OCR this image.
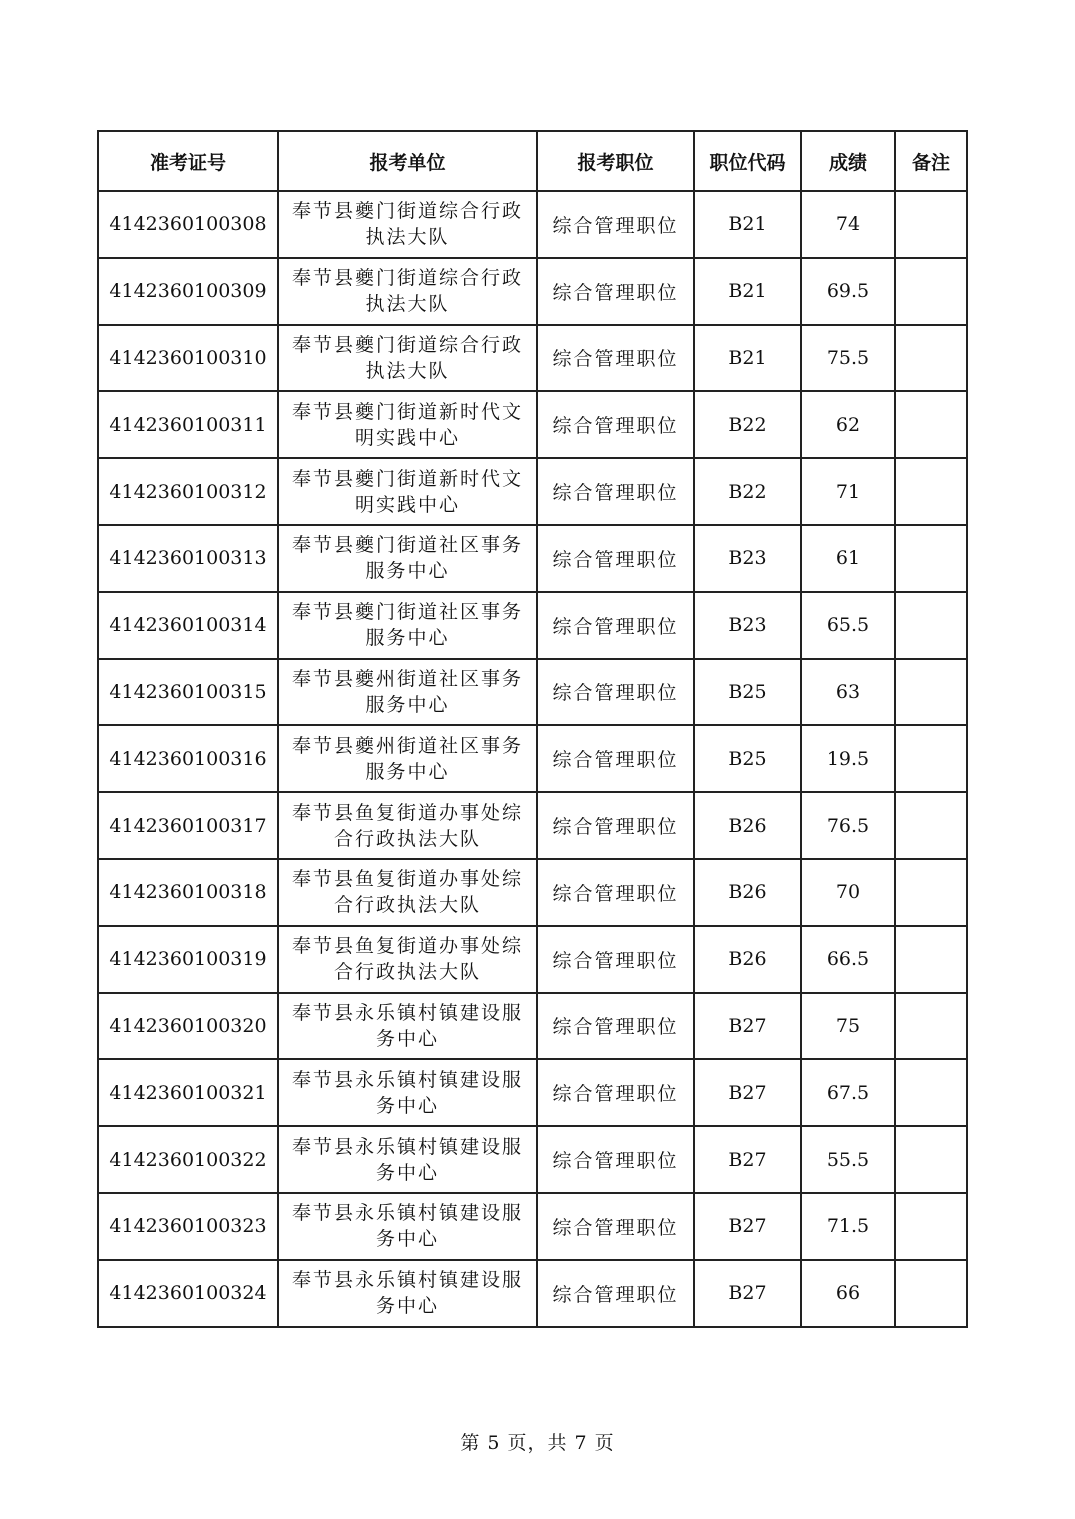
准考证号	报考单位	报考职位	职位代码	成绩	备注
4142360100308	奉节县夔门街道综合行政执法大队	综合管理职位	B21	74	
4142360100309	奉节县夔门街道综合行政执法大队	综合管理职位	B21	69.5	
4142360100310	奉节县夔门街道综合行政执法大队	综合管理职位	B21	75.5	
4142360100311	奉节县夔门街道新时代文明实践中心	综合管理职位	B22	62	
4142360100312	奉节县夔门街道新时代文明实践中心	综合管理职位	B22	71	
4142360100313	奉节县夔门街道社区事务服务中心	综合管理职位	B23	61	
4142360100314	奉节县夔门街道社区事务服务中心	综合管理职位	B23	65.5	
4142360100315	奉节县夔州街道社区事务服务中心	综合管理职位	B25	63	
4142360100316	奉节县夔州街道社区事务服务中心	综合管理职位	B25	19.5	
4142360100317	奉节县鱼复街道办事处综合行政执法大队	综合管理职位	B26	76.5	
4142360100318	奉节县鱼复街道办事处综合行政执法大队	综合管理职位	B26	70	
4142360100319	奉节县鱼复街道办事处综合行政执法大队	综合管理职位	B26	66.5	
4142360100320	奉节县永乐镇村镇建设服务中心	综合管理职位	B27	75	
4142360100321	奉节县永乐镇村镇建设服务中心	综合管理职位	B27	67.5	
4142360100322	奉节县永乐镇村镇建设服务中心	综合管理职位	B27	55.5	
4142360100323	奉节县永乐镇村镇建设服务中心	综合管理职位	B27	71.5	
4142360100324	奉节县永乐镇村镇建设服务中心	综合管理职位	B27	66	
第 5 页，共 7 页
